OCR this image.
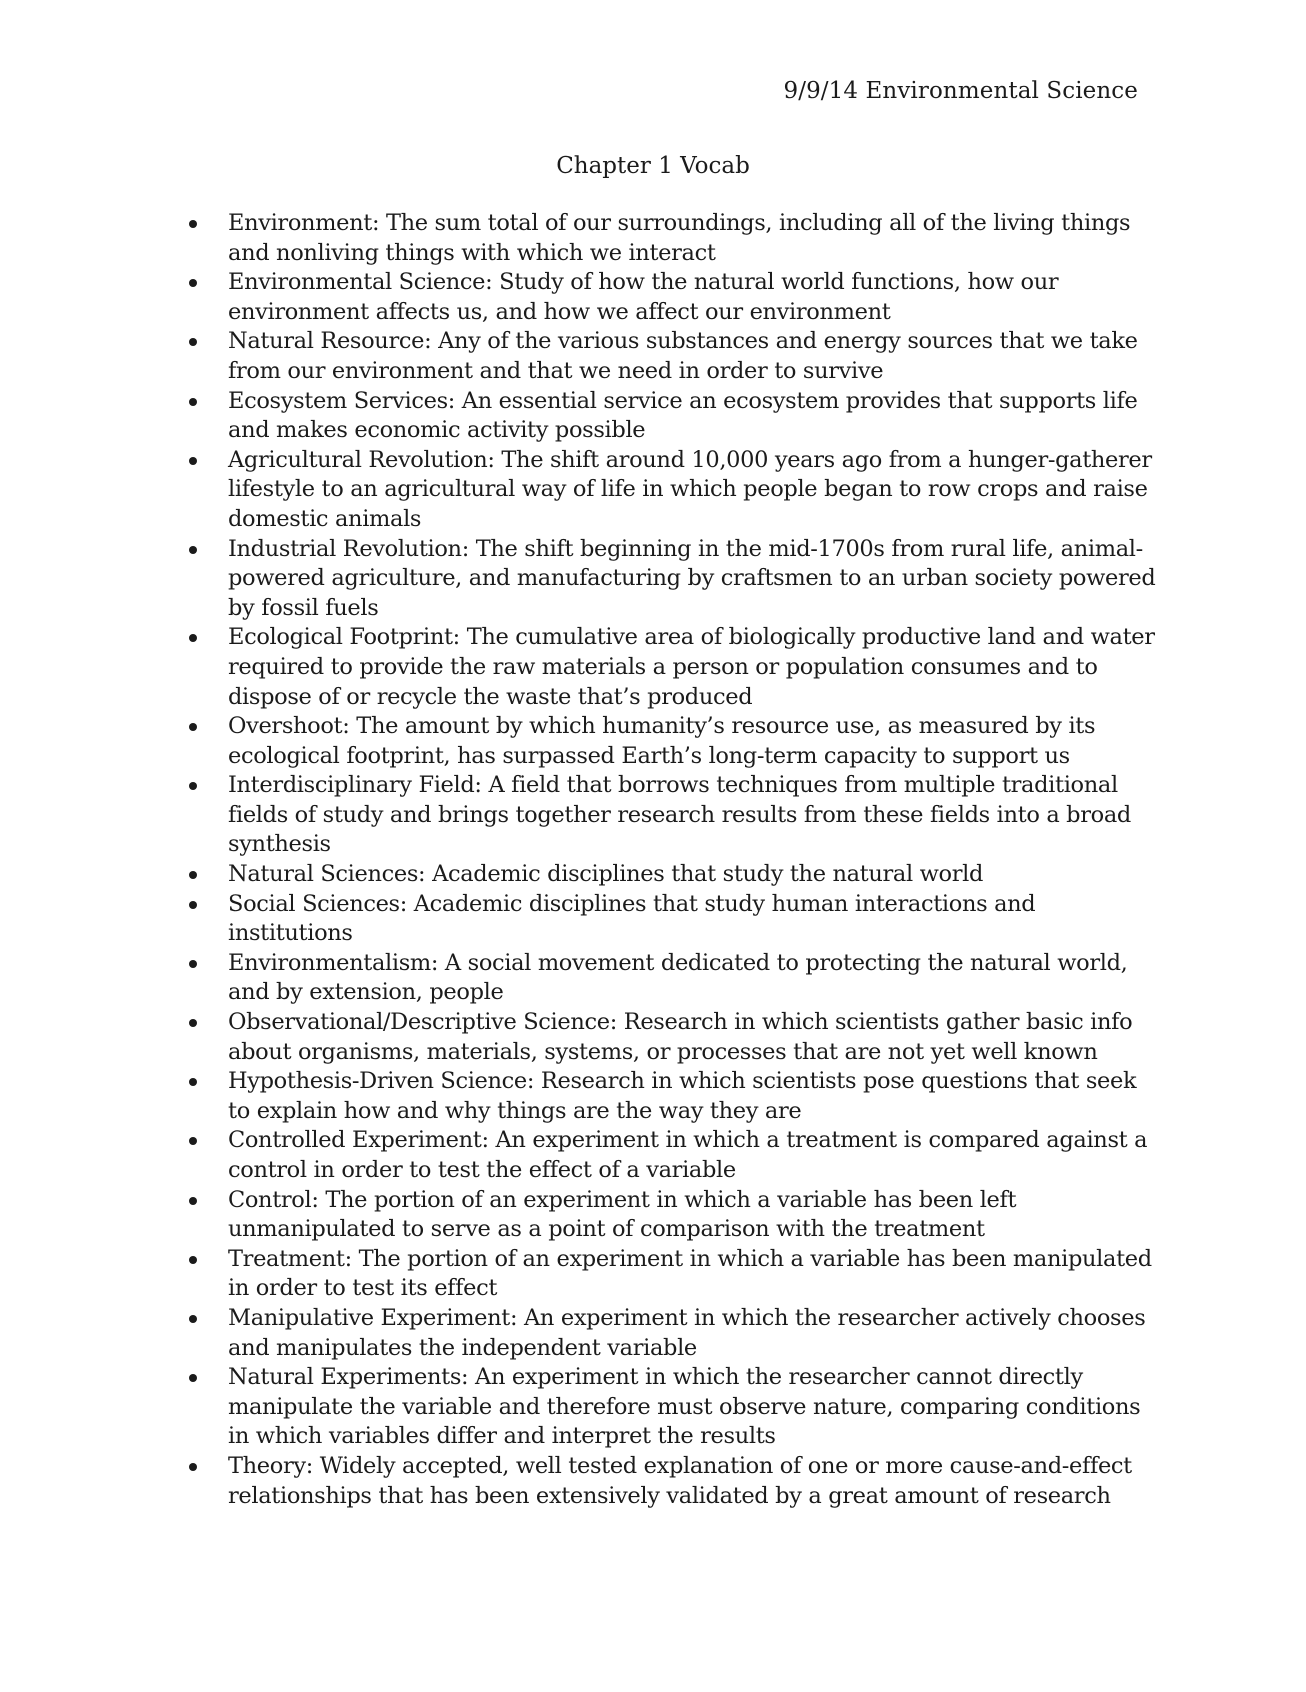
9/9/14 Environmental Science
Chapter 1 Vocab
Environment: The sum total of our surroundings, including all of the living things and nonliving things with which we interact
Environmental Science: Study of how the natural world functions, how our environment affects us, and how we affect our environment
Natural Resource: Any of the various substances and energy sources that we take from our environment and that we need in order to survive
Ecosystem Services: An essential service an ecosystem provides that supports life and makes economic activity possible
Agricultural Revolution: The shift around 10,000 years ago from a hunger-gatherer lifestyle to an agricultural way of life in which people began to row crops and raise domestic animals
Industrial Revolution: The shift beginning in the mid-1700s from rural life, animal-powered agriculture, and manufacturing by craftsmen to an urban society powered by fossil fuels
Ecological Footprint: The cumulative area of biologically productive land and water required to provide the raw materials a person or population consumes and to dispose of or recycle the waste that’s produced
Overshoot: The amount by which humanity’s resource use, as measured by its ecological footprint, has surpassed Earth’s long-term capacity to support us
Interdisciplinary Field: A field that borrows techniques from multiple traditional fields of study and brings together research results from these fields into a broad synthesis
Natural Sciences: Academic disciplines that study the natural world
Social Sciences: Academic disciplines that study human interactions and institutions
Environmentalism: A social movement dedicated to protecting the natural world, and by extension, people
Observational/Descriptive Science: Research in which scientists gather basic info about organisms, materials, systems, or processes that are not yet well known
Hypothesis-Driven Science: Research in which scientists pose questions that seek to explain how and why things are the way they are
Controlled Experiment: An experiment in which a treatment is compared against a control in order to test the effect of a variable
Control: The portion of an experiment in which a variable has been left unmanipulated to serve as a point of comparison with the treatment
Treatment: The portion of an experiment in which a variable has been manipulated in order to test its effect
Manipulative Experiment: An experiment in which the researcher actively chooses and manipulates the independent variable
Natural Experiments: An experiment in which the researcher cannot directly manipulate the variable and therefore must observe nature, comparing conditions in which variables differ and interpret the results
Theory: Widely accepted, well tested explanation of one or more cause-and-effect relationships that has been extensively validated by a great amount of research
